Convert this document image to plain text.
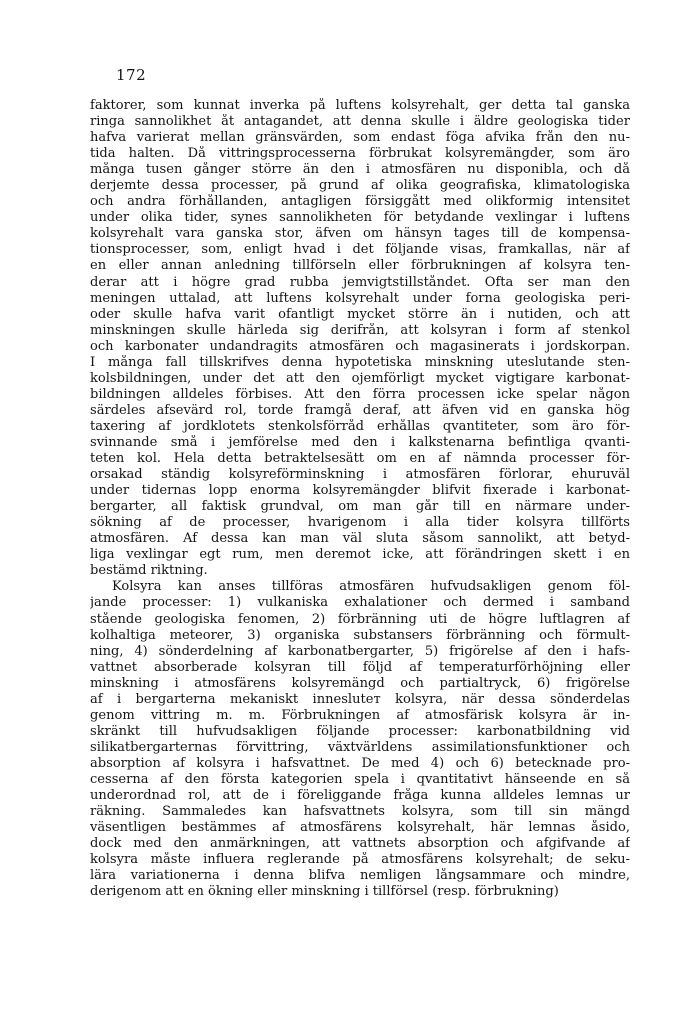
172
faktorer, som kunnat inverka på luftens kolsyrehalt, ger detta tal ganska
ringa sannolikhet åt antagandet, att denna skulle i äldre geologiska tider
hafva varierat mellan gränsvärden, som endast föga afvika från den nu-
tida halten. Då vittringsprocesserna förbrukat kolsyremängder, som äro
många tusen gånger större än den i atmosfären nu disponibla, och då
derjemte dessa processer, på grund af olika geografiska, klimatologiska
och andra förhållanden, antagligen försiggått med olikformig intensitet
under olika tider, synes sannolikheten för betydande vexlingar i luftens
kolsyrehalt vara ganska stor, äfven om hänsyn tages till de kompensa-
tionsprocesser, som, enligt hvad i det följande visas, framkallas, när af
en eller annan anledning tillförseln eller förbrukningen af kolsyra ten-
derar att i högre grad rubba jemvigtstillståndet. Ofta ser man den
meningen uttalad, att luftens kolsyrehalt under forna geologiska peri-
oder skulle hafva varit ofantligt mycket större än i nutiden, och att
minskningen skulle härleda sig derifrån, att kolsyran i form af stenkol
och karbonater undandragits atmosfären och magasinerats i jordskorpan.
I många fall tillskrifves denna hypotetiska minskning uteslutande sten-
kolsbildningen, under det att den ojemförligt mycket vigtigare karbonat-
bildningen alldeles förbises. Att den förra processen icke spelar någon
särdeles afsevärd rol, torde framgå deraf, att äfven vid en ganska hög
taxering af jordklotets stenkolsförråd erhållas qvantiteter, som äro för-
svinnande små i jemförelse med den i kalkstenarna befintliga qvanti-
teten kol. Hela detta betraktelsesätt om en af nämnda processer för-
orsakad ständig kolsyreförminskning i atmosfären förlorar, ehuruväl
under tidernas lopp enorma kolsyremängder blifvit fixerade i karbonat-
bergarter, all faktisk grundval, om man går till en närmare under-
sökning af de processer, hvarigenom i alla tider kolsyra tillförts
atmosfären. Af dessa kan man väl sluta såsom sannolikt, att betyd-
liga vexlingar egt rum, men deremot icke, att förändringen skett i en
bestämd riktning.
Kolsyra kan anses tillföras atmosfären hufvudsakligen genom föl-
jande processer: 1) vulkaniska exhalationer och dermed i samband
stående geologiska fenomen, 2) förbränning uti de högre luftlagren af
kolhaltiga meteorer, 3) organiska substansers förbränning och förmult-
ning, 4) sönderdelning af karbonatbergarter, 5) frigörelse af den i hafs-
vattnet absorberade kolsyran till följd af temperaturförhöjning eller
minskning i atmosfärens kolsyremängd och partialtryck, 6) frigörelse
af i bergarterna mekaniskt inneslutет kolsyra, när dessa sönderdelas
genom vittring m. m. Förbrukningen af atmosfärisk kolsyra är in-
skränkt till hufvudsakligen följande processer: karbonatbildning vid
silikatbergarternas förvittring, växtvärldens assimilationsfunktioner och
absorption af kolsyra i hafsvattnet. De med 4) och 6) betecknade pro-
cesserna af den första kategorien spela i qvantitativt hänseende en så
underordnad rol, att de i föreliggande fråga kunna alldeles lemnas ur
räkning. Sammaledes kan hafsvattnets kolsyra, som till sin mängd
väsentligen bestämmes af atmosfärens kolsyrehalt, här lemnas åsido,
dock med den anmärkningen, att vattnets absorption och afgifvande af
kolsyra måste influera reglerande på atmosfärens kolsyrehalt; de seku-
lära variationerna i denna blifva nemligen långsammare och mindre,
derigenom att en ökning eller minskning i tillförsel (resp. förbrukning)
